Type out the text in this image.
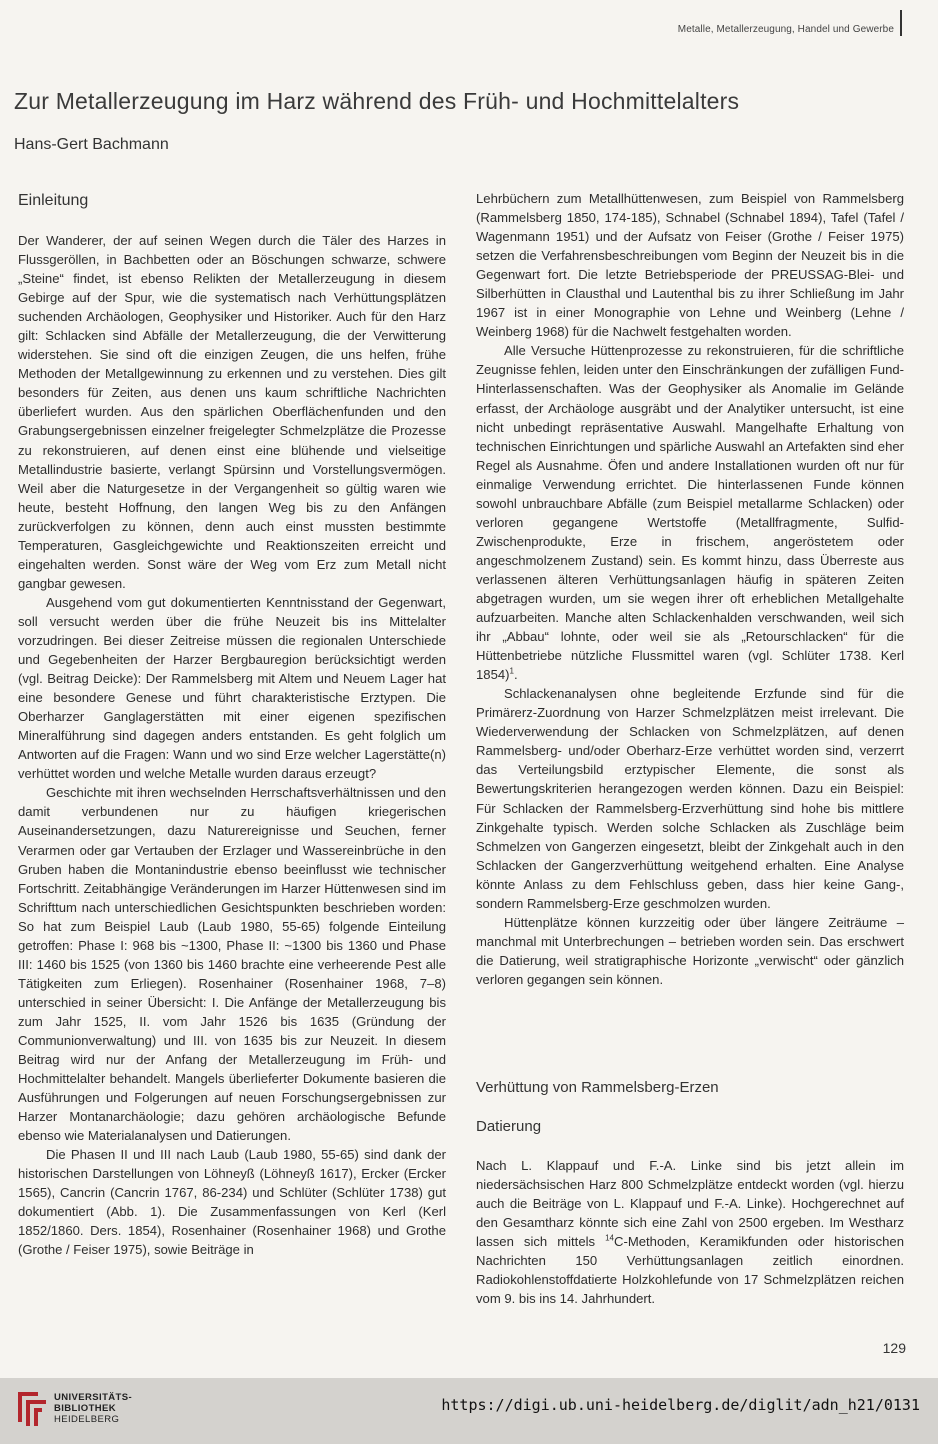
Metalle, Metallerzeugung, Handel und Gewerbe
Zur Metallerzeugung im Harz während des Früh- und Hochmittelalters
Hans-Gert Bachmann
Einleitung

Der Wanderer, der auf seinen Wegen durch die Täler des Harzes in Flussgeröllen, in Bachbetten oder an Böschungen schwarze, schwere „Steine“ findet, ist ebenso Relikten der Metallerzeugung in diesem Gebirge auf der Spur, wie die systematisch nach Verhüttungsplätzen suchenden Archäologen, Geophysiker und Historiker. Auch für den Harz gilt: Schlacken sind Abfälle der Metallerzeugung, die der Verwitterung widerstehen. Sie sind oft die einzigen Zeugen, die uns helfen, frühe Methoden der Metallgewinnung zu erkennen und zu verstehen. Dies gilt besonders für Zeiten, aus denen uns kaum schriftliche Nachrichten überliefert wurden. Aus den spärlichen Oberflächenfunden und den Grabungsergebnissen einzelner freigelegter Schmelzplätze die Prozesse zu rekonstruieren, auf denen einst eine blühende und vielseitige Metallindustrie basierte, verlangt Spürsinn und Vorstellungsvermögen. Weil aber die Naturgesetze in der Vergangenheit so gültig waren wie heute, besteht Hoffnung, den langen Weg bis zu den Anfängen zurückverfolgen zu können, denn auch einst mussten bestimmte Temperaturen, Gasgleichgewichte und Reaktionszeiten erreicht und eingehalten werden. Sonst wäre der Weg vom Erz zum Metall nicht gangbar gewesen.

Ausgehend vom gut dokumentierten Kenntnisstand der Gegenwart, soll versucht werden über die frühe Neuzeit bis ins Mittelalter vorzudringen. Bei dieser Zeitreise müssen die regionalen Unterschiede und Gegebenheiten der Harzer Bergbauregion berücksichtigt werden (vgl. Beitrag Deicke): Der Rammelsberg mit Altem und Neuem Lager hat eine besondere Genese und führt charakteristische Erztypen. Die Oberharzer Ganglagerstätten mit einer eigenen spezifischen Mineralführung sind dagegen anders entstanden. Es geht folglich um Antworten auf die Fragen: Wann und wo sind Erze welcher Lagerstätte(n) verhüttet worden und welche Metalle wurden daraus erzeugt?

Geschichte mit ihren wechselnden Herrschaftsverhältnissen und den damit verbundenen nur zu häufigen kriegerischen Auseinandersetzungen, dazu Naturereignisse und Seuchen, ferner Verarmen oder gar Vertauben der Erzlager und Wassereinbrüche in den Gruben haben die Montanindustrie ebenso beeinflusst wie technischer Fortschritt. Zeitabhängige Veränderungen im Harzer Hüttenwesen sind im Schrifttum nach unterschiedlichen Gesichtspunkten beschrieben worden: So hat zum Beispiel Laub (Laub 1980, 55-65) folgende Einteilung getroffen: Phase I: 968 bis ~1300, Phase II: ~1300 bis 1360 und Phase III: 1460 bis 1525 (von 1360 bis 1460 brachte eine verheerende Pest alle Tätigkeiten zum Erliegen). Rosenhainer (Rosenhainer 1968, 7–8) unterschied in seiner Übersicht: I. Die Anfänge der Metallerzeugung bis zum Jahr 1525, II. vom Jahr 1526 bis 1635 (Gründung der Communionverwaltung) und III. von 1635 bis zur Neuzeit. In diesem Beitrag wird nur der Anfang der Metallerzeugung im Früh- und Hochmittelalter behandelt. Mangels überlieferter Dokumente basieren die Ausführungen und Folgerungen auf neuen Forschungsergebnissen zur Harzer Montanarchäologie; dazu gehören archäologische Befunde ebenso wie Materialanalysen und Datierungen.

Die Phasen II und III nach Laub (Laub 1980, 55-65) sind dank der historischen Darstellungen von Löhneyß (Löhneyß 1617), Ercker (Ercker 1565), Cancrin (Cancrin 1767, 86-234) und Schlüter (Schlüter 1738) gut dokumentiert (Abb. 1). Die Zusammenfassungen von Kerl (Kerl 1852/1860. Ders. 1854), Rosenhainer (Rosenhainer 1968) und Grothe (Grothe / Feiser 1975), sowie Beiträge in

Lehrbüchern zum Metallhüttenwesen, zum Beispiel von Rammelsberg (Rammelsberg 1850, 174-185), Schnabel (Schnabel 1894), Tafel (Tafel / Wagenmann 1951) und der Aufsatz von Feiser (Grothe / Feiser 1975) setzen die Verfahrensbeschreibungen vom Beginn der Neuzeit bis in die Gegenwart fort. Die letzte Betriebsperiode der PREUSSAG-Blei- und Silberhütten in Clausthal und Lautenthal bis zu ihrer Schließung im Jahr 1967 ist in einer Monographie von Lehne und Weinberg (Lehne / Weinberg 1968) für die Nachwelt festgehalten worden.

Alle Versuche Hüttenprozesse zu rekonstruieren, für die schriftliche Zeugnisse fehlen, leiden unter den Einschränkungen der zufälligen Fund-Hinterlassenschaften. Was der Geophysiker als Anomalie im Gelände erfasst, der Archäologe ausgräbt und der Analytiker untersucht, ist eine nicht unbedingt repräsentative Auswahl. Mangelhafte Erhaltung von technischen Einrichtungen und spärliche Auswahl an Artefakten sind eher Regel als Ausnahme. Öfen und andere Installationen wurden oft nur für einmalige Verwendung errichtet. Die hinterlassenen Funde können sowohl unbrauchbare Abfälle (zum Beispiel metallarme Schlacken) oder verloren gegangene Wertstoffe (Metallfragmente, Sulfid-Zwischenprodukte, Erze in frischem, angeröstetem oder angeschmolzenem Zustand) sein. Es kommt hinzu, dass Überreste aus verlassenen älteren Verhüttungsanlagen häufig in späteren Zeiten abgetragen wurden, um sie wegen ihrer oft erheblichen Metallgehalte aufzuarbeiten. Manche alten Schlackenhalden verschwanden, weil sich ihr „Abbau“ lohnte, oder weil sie als „Retourschlacken“ für die Hüttenbetriebe nützliche Flussmittel waren (vgl. Schlüter 1738. Kerl 1854)$^1$.

Schlackenanalysen ohne begleitende Erzfunde sind für die Primärerz-Zuordnung von Harzer Schmelzplätzen meist irrelevant. Die Wiederverwendung der Schlacken von Schmelzplätzen, auf denen Rammelsberg- und/oder Oberharz-Erze verhüttet worden sind, verzerrt das Verteilungsbild erztypischer Elemente, die sonst als Bewertungskriterien herangezogen werden können. Dazu ein Beispiel: Für Schlacken der Rammelsberg-Erzverhüttung sind hohe bis mittlere Zinkgehalte typisch. Werden solche Schlacken als Zuschläge beim Schmelzen von Gangerzen eingesetzt, bleibt der Zinkgehalt auch in den Schlacken der Gangerzverhüttung weitgehend erhalten. Eine Analyse könnte Anlass zu dem Fehlschluss geben, dass hier keine Gang-, sondern Rammelsberg-Erze geschmolzen wurden.

Hüttenplätze können kurzzeitig oder über längere Zeiträume – manchmal mit Unterbrechungen – betrieben worden sein. Das erschwert die Datierung, weil stratigraphische Horizonte „verwischt“ oder gänzlich verloren gegangen sein können.

Verhüttung von Rammelsberg-Erzen
Datierung

Nach L. Klappauf und F.-A. Linke sind bis jetzt allein im niedersächsischen Harz 800 Schmelzplätze entdeckt worden (vgl. hierzu auch die Beiträge von L. Klappauf und F.-A. Linke). Hochgerechnet auf den Gesamtharz könnte sich eine Zahl von 2500 ergeben. Im Westharz lassen sich mittels $^{14}$C-Methoden, Keramikfunden oder historischen Nachrichten 150 Verhüttungsanlagen zeitlich einordnen. Radiokohlenstoffdatierte Holzkohlefunde von 17 Schmelzplätzen reichen vom 9. bis ins 14. Jahrhundert.

129
UNIVERSITÄTS-
BIBLIOTHEK
HEIDELBERG
https://digi.ub.uni-heidelberg.de/diglit/adn_h21/0131
